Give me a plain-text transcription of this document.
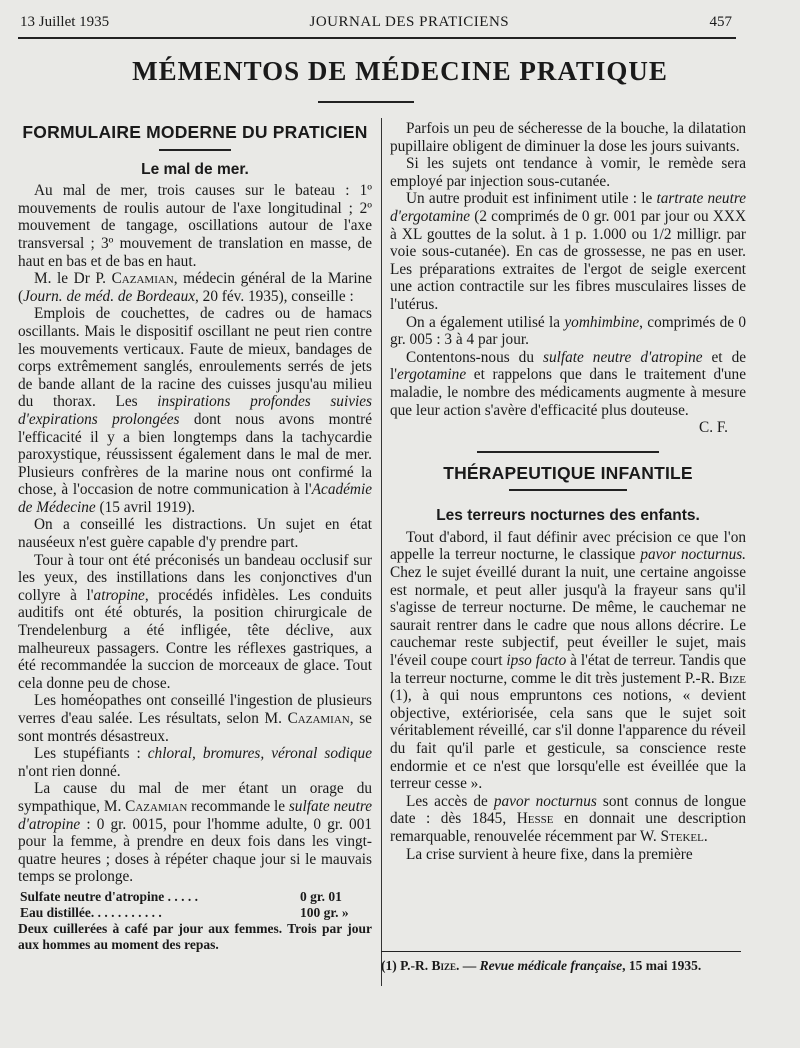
13 Juillet 1935	JOURNAL DES PRATICIENS	457
MÉMENTOS DE MÉDECINE PRATIQUE
FORMULAIRE MODERNE DU PRATICIEN
Le mal de mer.

Au mal de mer, trois causes sur le bateau : 1º mouvements de roulis autour de l'axe longitudinal ; 2º mouvement de tangage, oscillations autour de l'axe transversal ; 3º mouvement de translation en masse, de haut en bas et de bas en haut.

M. le Dr P. Cazamian, médecin général de la Marine (Journ. de méd. de Bordeaux, 20 fév. 1935), conseille :

Emplois de couchettes, de cadres ou de hamacs oscillants. Mais le dispositif oscillant ne peut rien contre les mouvements verticaux. Faute de mieux, bandages de corps extrêmement sanglés, enroulements serrés de jets de bande allant de la racine des cuisses jusqu'au milieu du thorax. Les inspirations profondes suivies d'expirations prolongées dont nous avons montré l'efficacité il y a bien longtemps dans la tachycardie paroxystique, réussissent également dans le mal de mer. Plusieurs confrères de la marine nous ont confirmé la chose, à l'occasion de notre communication à l'Académie de Médecine (15 avril 1919).

On a conseillé les distractions. Un sujet en état nauséeux n'est guère capable d'y prendre part.

Tour à tour ont été préconisés un bandeau occlusif sur les yeux, des instillations dans les conjonctives d'un collyre à l'atropine, procédés infidèles. Les conduits auditifs ont été obturés, la position chirurgicale de Trendelenburg a été infligée, tête déclive, aux malheureux passagers. Contre les réflexes gastriques, a été recommandée la succion de morceaux de glace. Tout cela donne peu de chose.

Les homéopathes ont conseillé l'ingestion de plusieurs verres d'eau salée. Les résultats, selon M. Cazamian, se sont montrés désastreux.

Les stupéfiants : chloral, bromures, véronal sodique n'ont rien donné.

La cause du mal de mer étant un orage du sympathique, M. Cazamian recommande le sulfate neutre d'atropine : 0 gr. 0015, pour l'homme adulte, 0 gr. 001 pour la femme, à prendre en deux fois dans les vingt-quatre heures ; doses à répéter chaque jour si le mauvais temps se prolonge.

Sulfate neutre d'atropine . . . . .	0 gr. 01
Eau distillée. . . . . . . . . . .	100 gr. »
Deux cuillerées à café par jour aux femmes. Trois par jour aux hommes au moment des repas.

Parfois un peu de sécheresse de la bouche, la dilatation pupillaire obligent de diminuer la dose les jours suivants.

Si les sujets ont tendance à vomir, le remède sera employé par injection sous-cutanée.

Un autre produit est infiniment utile : le tartrate neutre d'ergotamine (2 comprimés de 0 gr. 001 par jour ou XXX à XL gouttes de la solut. à 1 p. 1.000 ou 1/2 milligr. par voie sous-cutanée). En cas de grossesse, ne pas en user. Les préparations extraites de l'ergot de seigle exercent une action contractile sur les fibres musculaires lisses de l'utérus.

On a également utilisé la yomhimbine, comprimés de 0 gr. 005 : 3 à 4 par jour.

Contentons-nous du sulfate neutre d'atropine et de l'ergotamine et rappelons que dans le traitement d'une maladie, le nombre des médicaments augmente à mesure que leur action s'avère d'efficacité plus douteuse.

C. F.
THÉRAPEUTIQUE INFANTILE
Les terreurs nocturnes des enfants.

Tout d'abord, il faut définir avec précision ce que l'on appelle la terreur nocturne, le classique pavor nocturnus. Chez le sujet éveillé durant la nuit, une certaine angoisse est normale, et peut aller jusqu'à la frayeur sans qu'il s'agisse de terreur nocturne. De même, le cauchemar ne saurait rentrer dans le cadre que nous allons décrire. Le cauchemar reste subjectif, peut éveiller le sujet, mais l'éveil coupe court ipso facto à l'état de terreur. Tandis que la terreur nocturne, comme le dit très justement P.-R. Bize (1), à qui nous empruntons ces notions, « devient objective, extériorisée, cela sans que le sujet soit véritablement réveillé, car s'il donne l'apparence du réveil du fait qu'il parle et gesticule, sa conscience reste endormie et ce n'est que lorsqu'elle est éveillée que la terreur cesse ».

Les accès de pavor nocturnus sont connus de longue date : dès 1845, Hesse en donnait une description remarquable, renouvelée récemment par W. Stekel.

La crise survient à heure fixe, dans la première

(1) P.-R. Bize. — Revue médicale française, 15 mai 1935.
